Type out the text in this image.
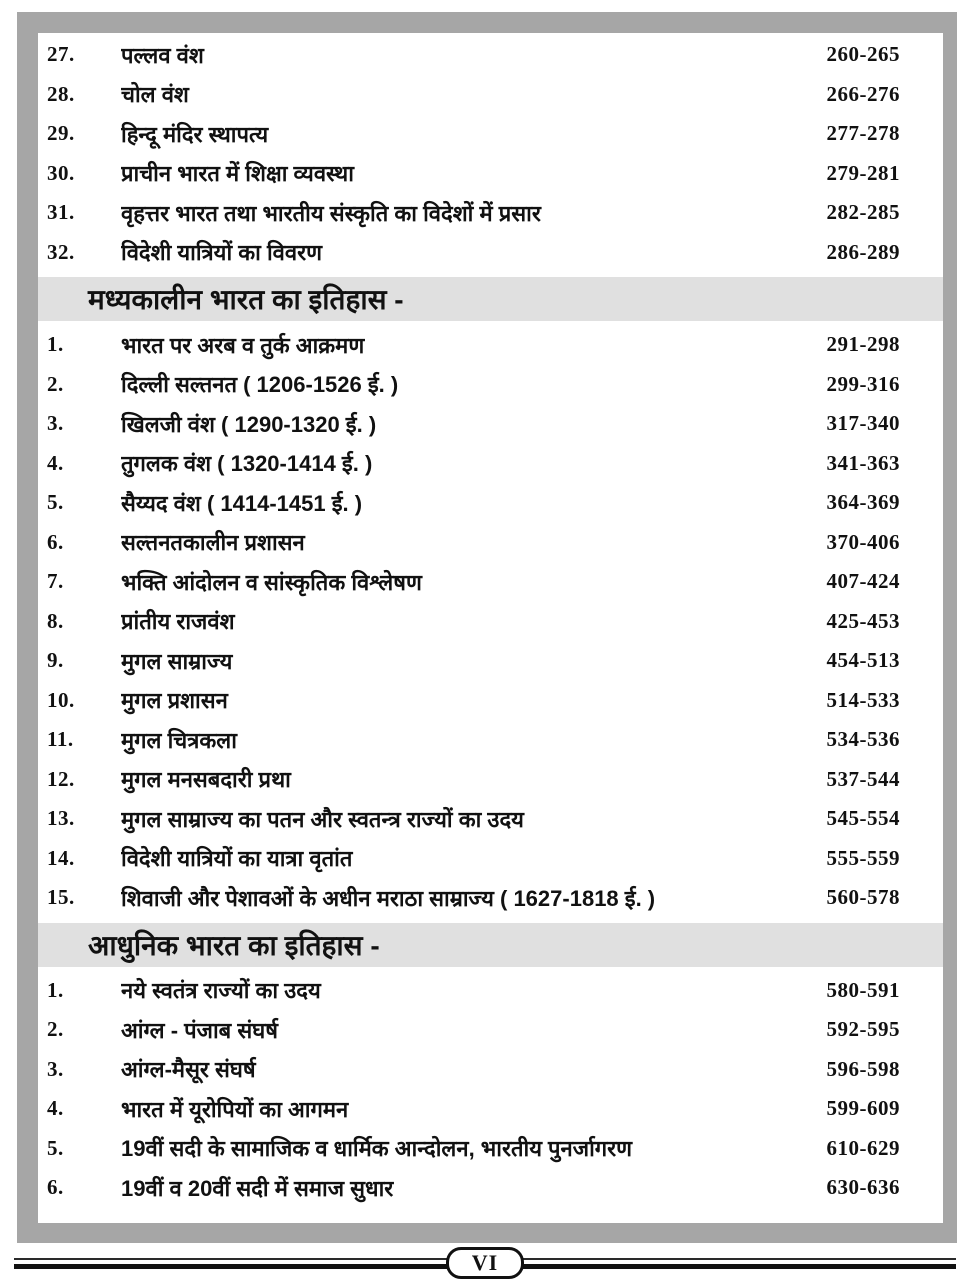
27.	पल्लव वंश	260-265
28.	चोल वंश	266-276
29.	हिन्दू मंदिर स्थापत्य	277-278
30.	प्राचीन भारत में शिक्षा व्यवस्था	279-281
31.	वृहत्तर भारत तथा भारतीय संस्कृति का विदेशों में प्रसार	282-285
32.	विदेशी यात्रियों का विवरण	286-289
मध्यकालीन भारत का इतिहास -
1.	भारत पर अरब व तुर्क आक्रमण	291-298
2.	दिल्ली सल्तनत ( 1206-1526 ई. )	299-316
3.	खिलजी वंश ( 1290-1320 ई. )	317-340
4.	तुगलक वंश ( 1320-1414 ई. )	341-363
5.	सैय्यद वंश ( 1414-1451 ई. )	364-369
6.	सल्तनतकालीन प्रशासन	370-406
7.	भक्ति आंदोलन व सांस्कृतिक विश्लेषण	407-424
8.	प्रांतीय राजवंश	425-453
9.	मुगल साम्राज्य	454-513
10.	मुगल प्रशासन	514-533
11.	मुगल चित्रकला	534-536
12.	मुगल मनसबदारी प्रथा	537-544
13.	मुगल साम्राज्य का पतन और स्वतन्त्र राज्यों का उदय	545-554
14.	विदेशी यात्रियों का यात्रा वृतांत	555-559
15.	शिवाजी और पेशावओं के अधीन मराठा साम्राज्य ( 1627-1818 ई. )	560-578
आधुनिक भारत का इतिहास -
1.	नये स्वतंत्र राज्यों का उदय	580-591
2.	आंग्ल - पंजाब संघर्ष	592-595
3.	आंग्ल-मैसूर संघर्ष	596-598
4.	भारत में यूरोपियों का आगमन	599-609
5.	19वीं सदी के सामाजिक व धार्मिक आन्दोलन, भारतीय पुनर्जागरण	610-629
6.	19वीं व 20वीं सदी में समाज सुधार	630-636
VI
